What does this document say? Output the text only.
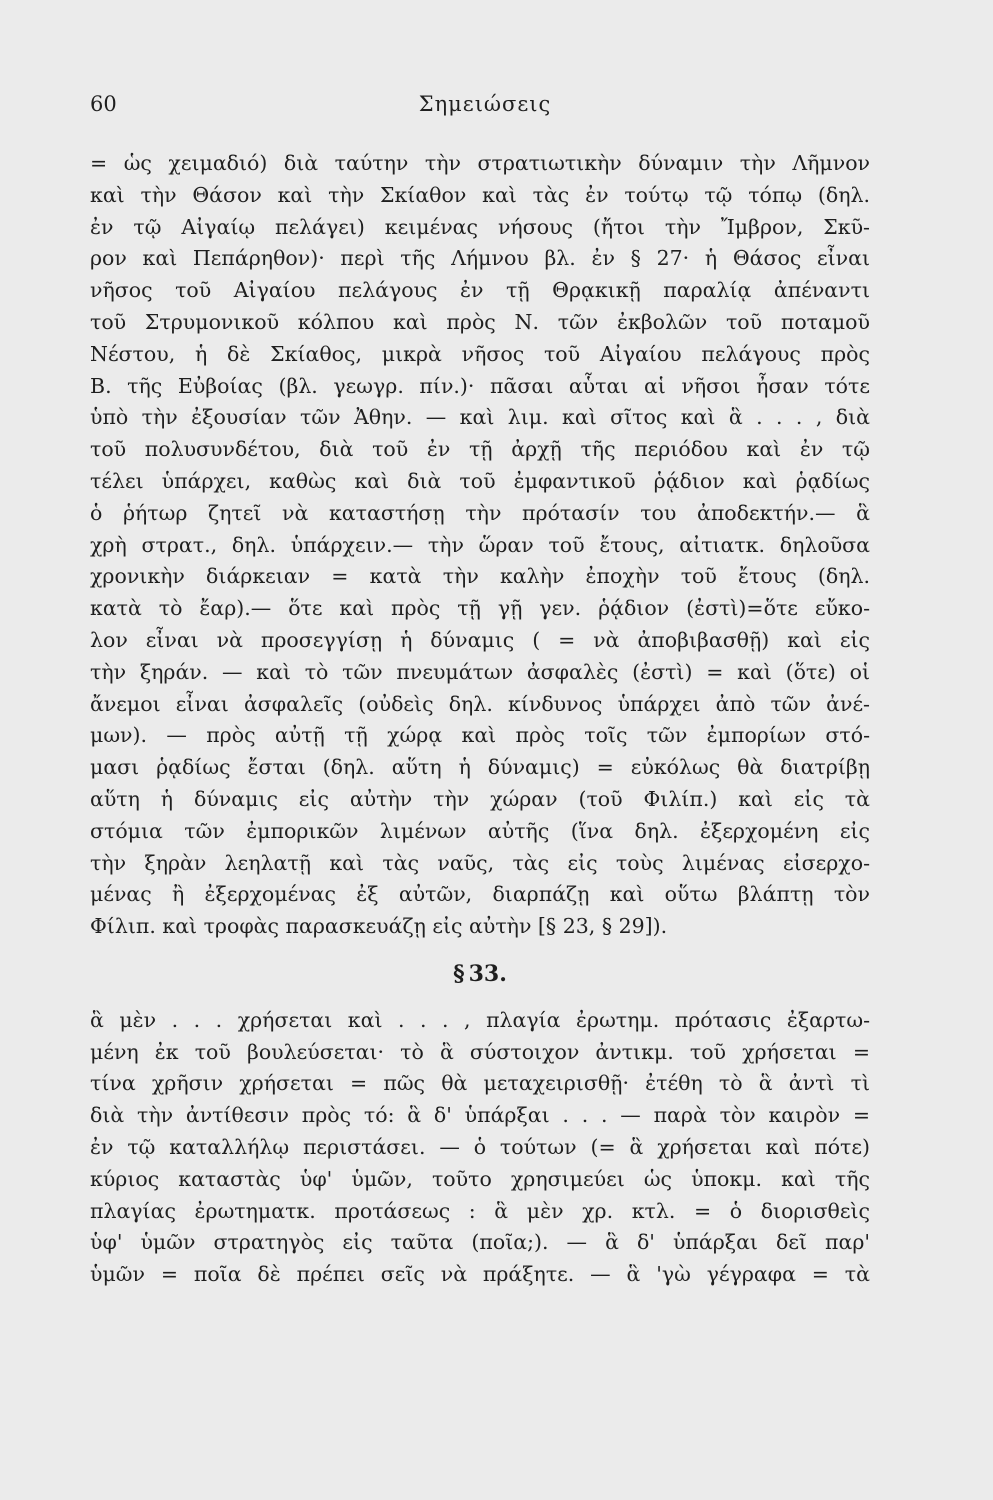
60	Σημειώσεις
= ὡς χειμαδιό) διὰ ταύτην τὴν στρατιωτικὴν δύναμιν τὴν Λῆμνον
καὶ τὴν Θάσον καὶ τὴν Σκίαθον καὶ τὰς ἐν τούτῳ τῷ τόπῳ (δηλ.
ἐν τῷ Αἰγαίῳ πελάγει) κειμένας νήσους (ἤτοι τὴν Ἴμβρον, Σκῦ-
ρον καὶ Πεπάρηθον)· περὶ τῆς Λήμνου βλ. ἐν § 27· ἡ Θάσος εἶναι
νῆσος τοῦ Αἰγαίου πελάγους ἐν τῇ Θρᾳκικῇ παραλίᾳ ἀπέναντι
τοῦ Στρυμονικοῦ κόλπου καὶ πρὸς Ν. τῶν ἐκβολῶν τοῦ ποταμοῦ
Νέστου, ἡ δὲ Σκίαθος, μικρὰ νῆσος τοῦ Αἰγαίου πελάγους πρὸς
Β. τῆς Εὐβοίας (βλ. γεωγρ. πίν.)· πᾶσαι αὗται αἱ νῆσοι ἦσαν τότε
ὑπὸ τὴν ἐξουσίαν τῶν Ἀθην. — καὶ λιμ. καὶ σῖτος καὶ ἃ . . . , διὰ
τοῦ πολυσυνδέτου, διὰ τοῦ ἐν τῇ ἀρχῇ τῆς περιόδου καὶ ἐν τῷ
τέλει ὑπάρχει, καθὼς καὶ διὰ τοῦ ἐμφαντικοῦ ῥᾴδιον καὶ ῥᾳδίως
ὁ ῥήτωρ ζητεῖ νὰ καταστήσῃ τὴν πρότασίν του ἀποδεκτήν.— ἃ
χρὴ στρατ., δηλ. ὑπάρχειν.— τὴν ὥραν τοῦ ἔτους, αἰτιατκ. δηλοῦσα
χρονικὴν διάρκειαν = κατὰ τὴν καλὴν ἐποχὴν τοῦ ἔτους (δηλ.
κατὰ τὸ ἔαρ).— ὅτε καὶ πρὸς τῇ γῇ γεν. ῥᾴδιον (ἐστὶ)=ὅτε εὔκο-
λον εἶναι νὰ προσεγγίσῃ ἡ δύναμις ( = νὰ ἀποβιβασθῇ) καὶ εἰς
τὴν ξηράν. — καὶ τὸ τῶν πνευμάτων ἀσφαλὲς (ἐστὶ) = καὶ (ὅτε) οἱ
ἄνεμοι εἶναι ἀσφαλεῖς (οὐδεὶς δηλ. κίνδυνος ὑπάρχει ἀπὸ τῶν ἀνέ-
μων). — πρὸς αὐτῇ τῇ χώρᾳ καὶ πρὸς τοῖς τῶν ἐμπορίων στό-
μασι ῥᾳδίως ἔσται (δηλ. αὕτη ἡ δύναμις) = εὐκόλως θὰ διατρίβῃ
αὕτη ἡ δύναμις εἰς αὐτὴν τὴν χώραν (τοῦ Φιλίπ.) καὶ εἰς τὰ
στόμια τῶν ἐμπορικῶν λιμένων αὐτῆς (ἵνα δηλ. ἐξερχομένη εἰς
τὴν ξηρὰν λεηλατῇ καὶ τὰς ναῦς, τὰς εἰς τοὺς λιμένας εἰσερχο-
μένας ἢ ἐξερχομένας ἐξ αὐτῶν, διαρπάζῃ καὶ οὕτω βλάπτῃ τὸν
Φίλιπ. καὶ τροφὰς παρασκευάζῃ εἰς αὐτὴν [§ 23, § 29]).
§ 33.
ἃ μὲν . . . χρήσεται καὶ . . . , πλαγία ἐρωτημ. πρότασις ἐξαρτω-
μένη ἐκ τοῦ βουλεύσεται· τὸ ἃ σύστοιχον ἀντικμ. τοῦ χρήσεται =
τίνα χρῆσιν χρήσεται = πῶς θὰ μεταχειρισθῇ· ἐτέθη τὸ ἃ ἀντὶ τὶ
διὰ τὴν ἀντίθεσιν πρὸς τό: ἃ δ' ὑπάρξαι . . . — παρὰ τὸν καιρὸν =
ἐν τῷ καταλλήλῳ περιστάσει. — ὁ τούτων (= ἃ χρήσεται καὶ πότε)
κύριος καταστὰς ὑφ' ὑμῶν, τοῦτο χρησιμεύει ὡς ὑποκμ. καὶ τῆς
πλαγίας ἐρωτηματκ. προτάσεως : ἃ μὲν χρ. κτλ. = ὁ διορισθεὶς
ὑφ' ὑμῶν στρατηγὸς εἰς ταῦτα (ποῖα;). — ἃ δ' ὑπάρξαι δεῖ παρ'
ὑμῶν = ποῖα δὲ πρέπει σεῖς νὰ πράξητε. — ἃ 'γὼ γέγραφα = τὰ
